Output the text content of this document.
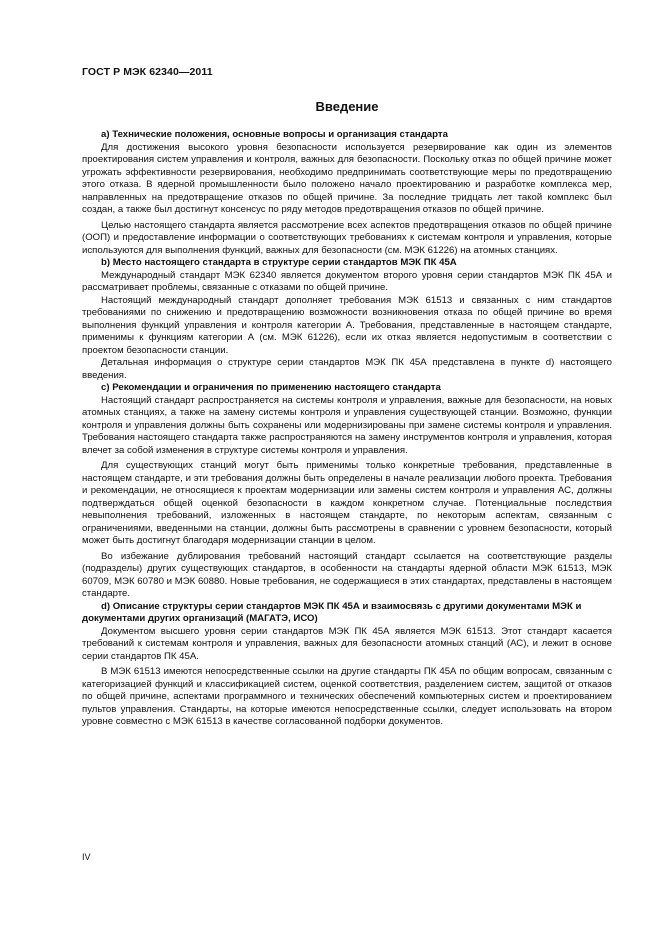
ГОСТ Р МЭК 62340—2011
Введение
а) Технические положения, основные вопросы и организация стандарта

Для достижения высокого уровня безопасности используется резервирование как один из элементов проектирования систем управления и контроля, важных для безопасности. Поскольку отказ по общей причине может угрожать эффективности резервирования, необходимо предпринимать соответствующие меры по предотвращению этого отказа. В ядерной промышленности было положено начало проектированию и разработке комплекса мер, направленных на предотвращение отказов по общей причине. За последние тридцать лет такой комплекс был создан, а также был достигнут консенсус по ряду методов предотвращения отказов по общей причине.

Целью настоящего стандарта является рассмотрение всех аспектов предотвращения отказов по общей причине (ООП) и предоставление информации о соответствующих требованиях к системам контроля и управления, которые используются для выполнения функций, важных для безопасности (см. МЭК 61226) на атомных станциях.

b) Место настоящего стандарта в структуре серии стандартов МЭК ПК 45А

Международный стандарт МЭК 62340 является документом второго уровня серии стандартов МЭК ПК 45А и рассматривает проблемы, связанные с отказами по общей причине.

Настоящий международный стандарт дополняет требования МЭК 61513 и связанных с ним стандартов требованиями по снижению и предотвращению возможности возникновения отказа по общей причине во время выполнения функций управления и контроля категории А. Требования, представленные в настоящем стандарте, применимы к функциям категории А (см. МЭК 61226), если их отказ является недопустимым в соответствии с проектом безопасности станции.

Детальная информация о структуре серии стандартов МЭК ПК 45А представлена в пункте d) настоящего введения.

с) Рекомендации и ограничения по применению настоящего стандарта

Настоящий стандарт распространяется на системы контроля и управления, важные для безопасности, на новых атомных станциях, а также на замену системы контроля и управления существующей станции. Возможно, функции контроля и управления должны быть сохранены или модернизированы при замене системы контроля и управления. Требования настоящего стандарта также распространяются на замену инструментов контроля и управления, которая влечет за собой изменения в структуре системы контроля и управления.

Для существующих станций могут быть применимы только конкретные требования, представленные в настоящем стандарте, и эти требования должны быть определены в начале реализации любого проекта. Требования и рекомендации, не относящиеся к проектам модернизации или замены систем контроля и управления АС, должны подтверждаться общей оценкой безопасности в каждом конкретном случае. Потенциальные последствия невыполнения требований, изложенных в настоящем стандарте, по некоторым аспектам, связанным с ограничениями, введенными на станции, должны быть рассмотрены в сравнении с уровнем безопасности, который может быть достигнут благодаря модернизации станции в целом.

Во избежание дублирования требований настоящий стандарт ссылается на соответствующие разделы (подразделы) других существующих стандартов, в особенности на стандарты ядерной области МЭК 61513, МЭК 60709, МЭК 60780 и МЭК 60880. Новые требования, не содержащиеся в этих стандартах, представлены в настоящем стандарте.

d) Описание структуры серии стандартов МЭК ПК 45А и взаимосвязь с другими документами МЭК и документами других организаций (МАГАТЭ, ИСО)

Документом высшего уровня серии стандартов МЭК ПК 45А является МЭК 61513. Этот стандарт касается требований к системам контроля и управления, важных для безопасности атомных станций (АС), и лежит в основе серии стандартов ПК 45А.

В МЭК 61513 имеются непосредственные ссылки на другие стандарты ПК 45А по общим вопросам, связанным с категоризацией функций и классификацией систем, оценкой соответствия, разделением систем, защитой от отказов по общей причине, аспектами программного и технических обеспечений компьютерных систем и проектированием пультов управления. Стандарты, на которые имеются непосредственные ссылки, следует использовать на втором уровне совместно с МЭК 61513 в качестве согласованной подборки документов.

IV
